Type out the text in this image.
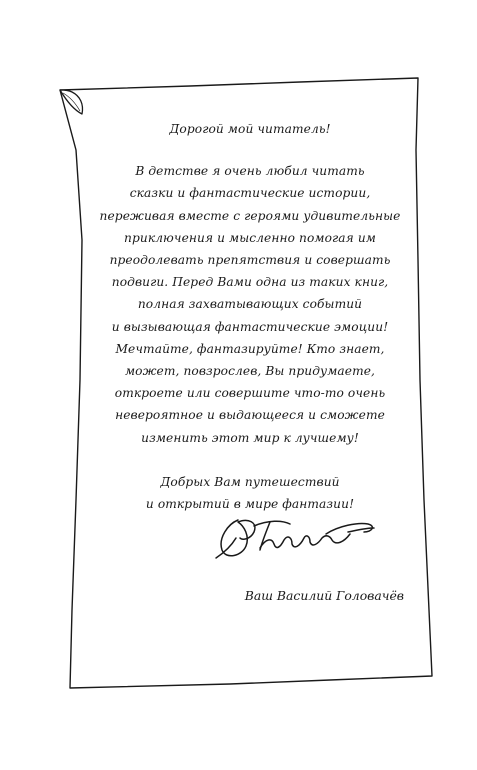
Дорогой мой читатель!

В детстве я очень любил читать
сказки и фантастические истории,
переживая вместе с героями удивительные
приключения и мысленно помогая им
преодолевать препятствия и совершать
подвиги. Перед Вами одна из таких книг,
полная захватывающих событий
и вызывающая фантастические эмоции!

Мечтайте, фантазируйте! Кто знает,
может, повзрослев, Вы придумаете,
откроете или совершите что-то очень
невероятное и выдающееся и сможете
изменить этот мир к лучшему!

Добрых Вам путешествий
и открытий в мире фантазии!

Ваш Василий Головачёв
